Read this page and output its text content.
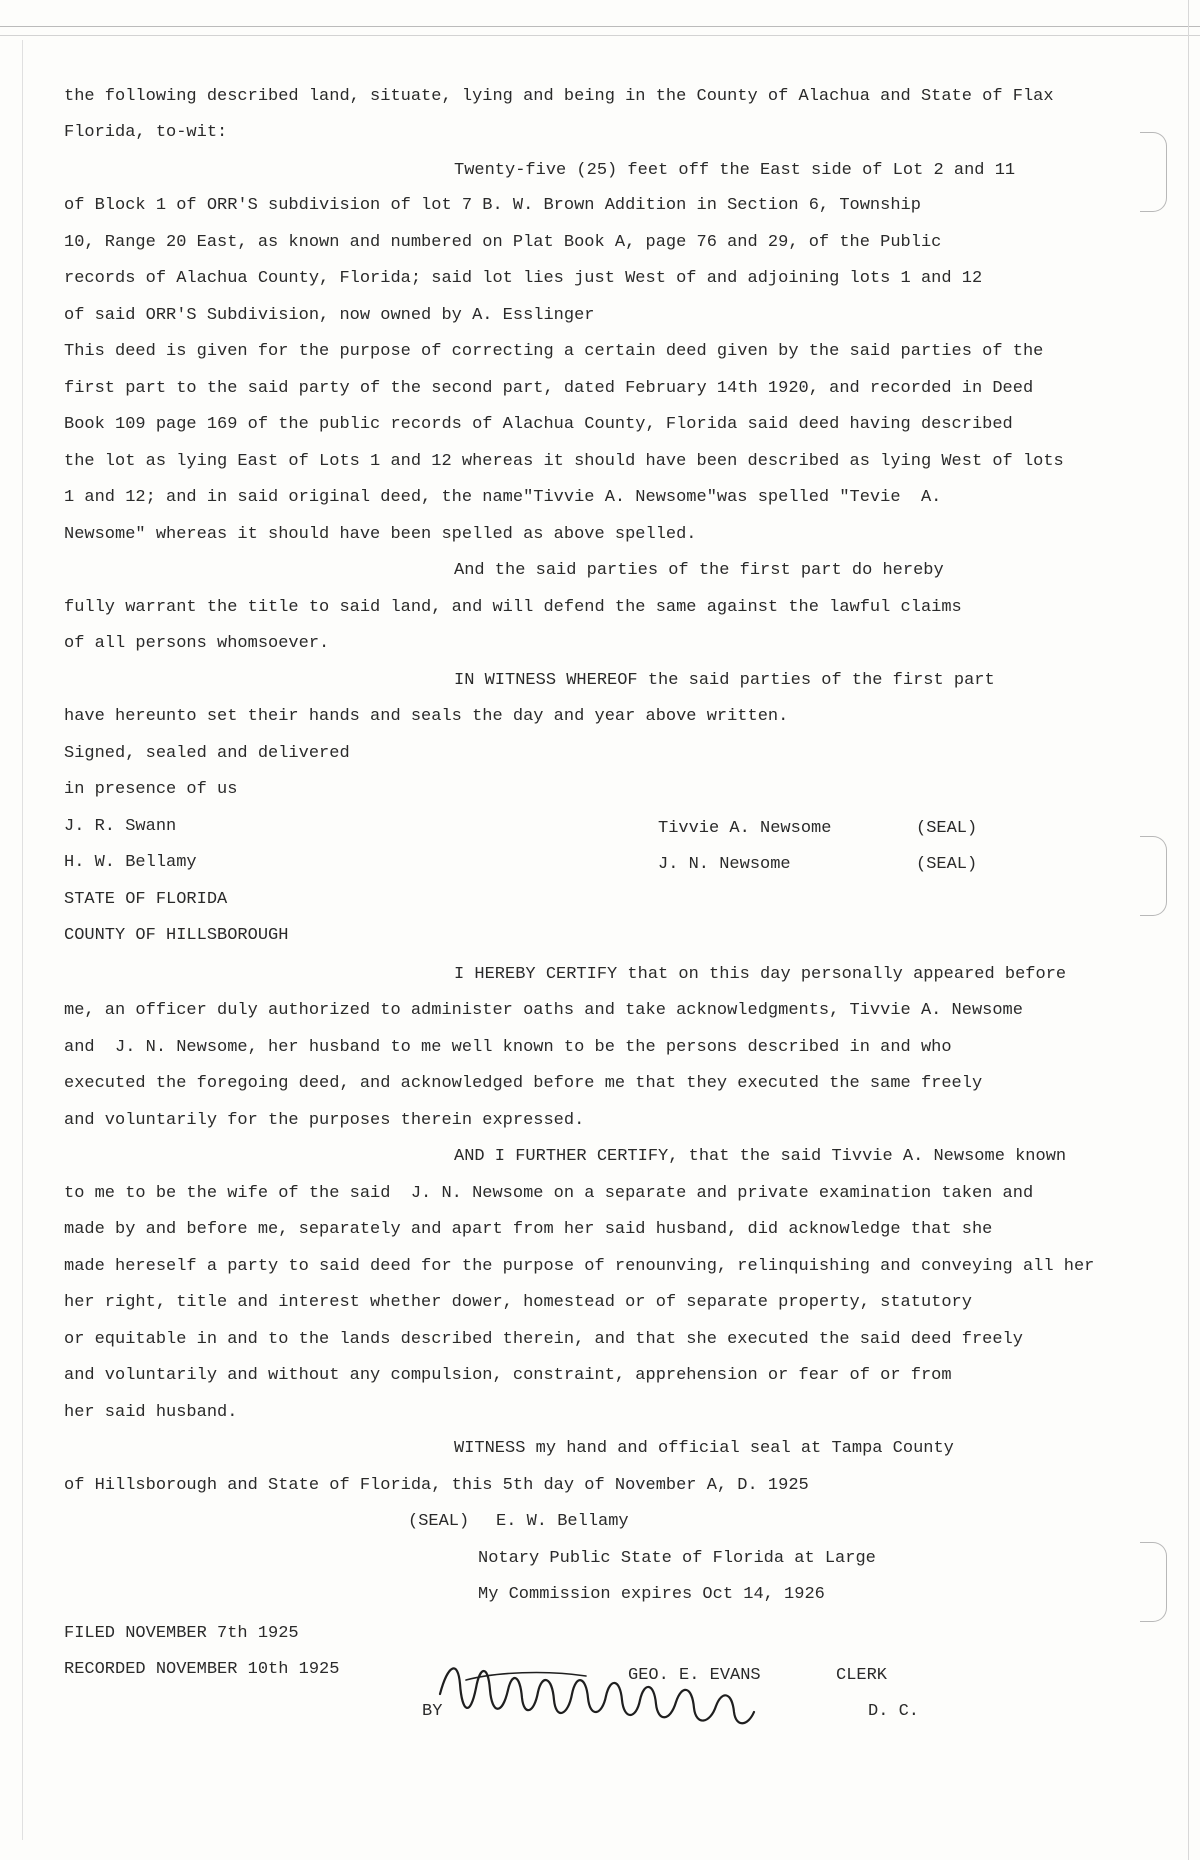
the following described land, situate, lying and being in the County of Alachua and State of Flax
Florida, to-wit:
Twenty-five (25) feet off the East side of Lot 2 and 11
of Block 1 of ORR'S subdivision of lot 7 B. W. Brown Addition in Section 6, Township
10, Range 20 East, as known and numbered on Plat Book A, page 76 and 29, of the Public
records of Alachua County, Florida; said lot lies just West of and adjoining lots 1 and 12
of said ORR'S Subdivision, now owned by A. Esslinger
This deed is given for the purpose of correcting a certain deed given by the said parties of the
first part to the said party of the second part, dated February 14th 1920, and recorded in Deed
Book 109 page 169 of the public records of Alachua County, Florida said deed having described
the lot as lying East of Lots 1 and 12 whereas it should have been described as lying West of lots
1 and 12; and in said original deed, the name"Tivvie A. Newsome"was spelled "Tevie  A.
Newsome" whereas it should have been spelled as above spelled.
And the said parties of the first part do hereby
fully warrant the title to said land, and will defend the same against the lawful claims
of all persons whomsoever.
IN WITNESS WHEREOF the said parties of the first part
have hereunto set their hands and seals the day and year above written.
Signed, sealed and delivered
in presence of us
J. R. Swann	Tivvie A. Newsome	(SEAL)
H. W. Bellamy	J. N. Newsome	(SEAL)
STATE OF FLORIDA
COUNTY OF HILLSBOROUGH
I HEREBY CERTIFY that on this day personally appeared before
me, an officer duly authorized to administer oaths and take acknowledgments, Tivvie A. Newsome
and  J. N. Newsome, her husband to me well known to be the persons described in and who
executed the foregoing deed, and acknowledged before me that they executed the same freely
and voluntarily for the purposes therein expressed.
AND I FURTHER CERTIFY, that the said Tivvie A. Newsome known
to me to be the wife of the said  J. N. Newsome on a separate and private examination taken and
made by and before me, separately and apart from her said husband, did acknowledge that she
made hereself a party to said deed for the purpose of renounving, relinquishing and conveying all her
her right, title and interest whether dower, homestead or of separate property, statutory
or equitable in and to the lands described therein, and that she executed the said deed freely
and voluntarily and without any compulsion, constraint, apprehension or fear of or from
her said husband.
WITNESS my hand and official seal at Tampa County
of Hillsborough and State of Florida, this 5th day of November A, D. 1925
(SEAL) E. W. Bellamy
Notary Public State of Florida at Large
My Commission expires Oct 14, 1926
FILED NOVEMBER 7th 1925
RECORDED NOVEMBER 10th 1925	GEO. E. EVANS	CLERK
BY	D. C.
